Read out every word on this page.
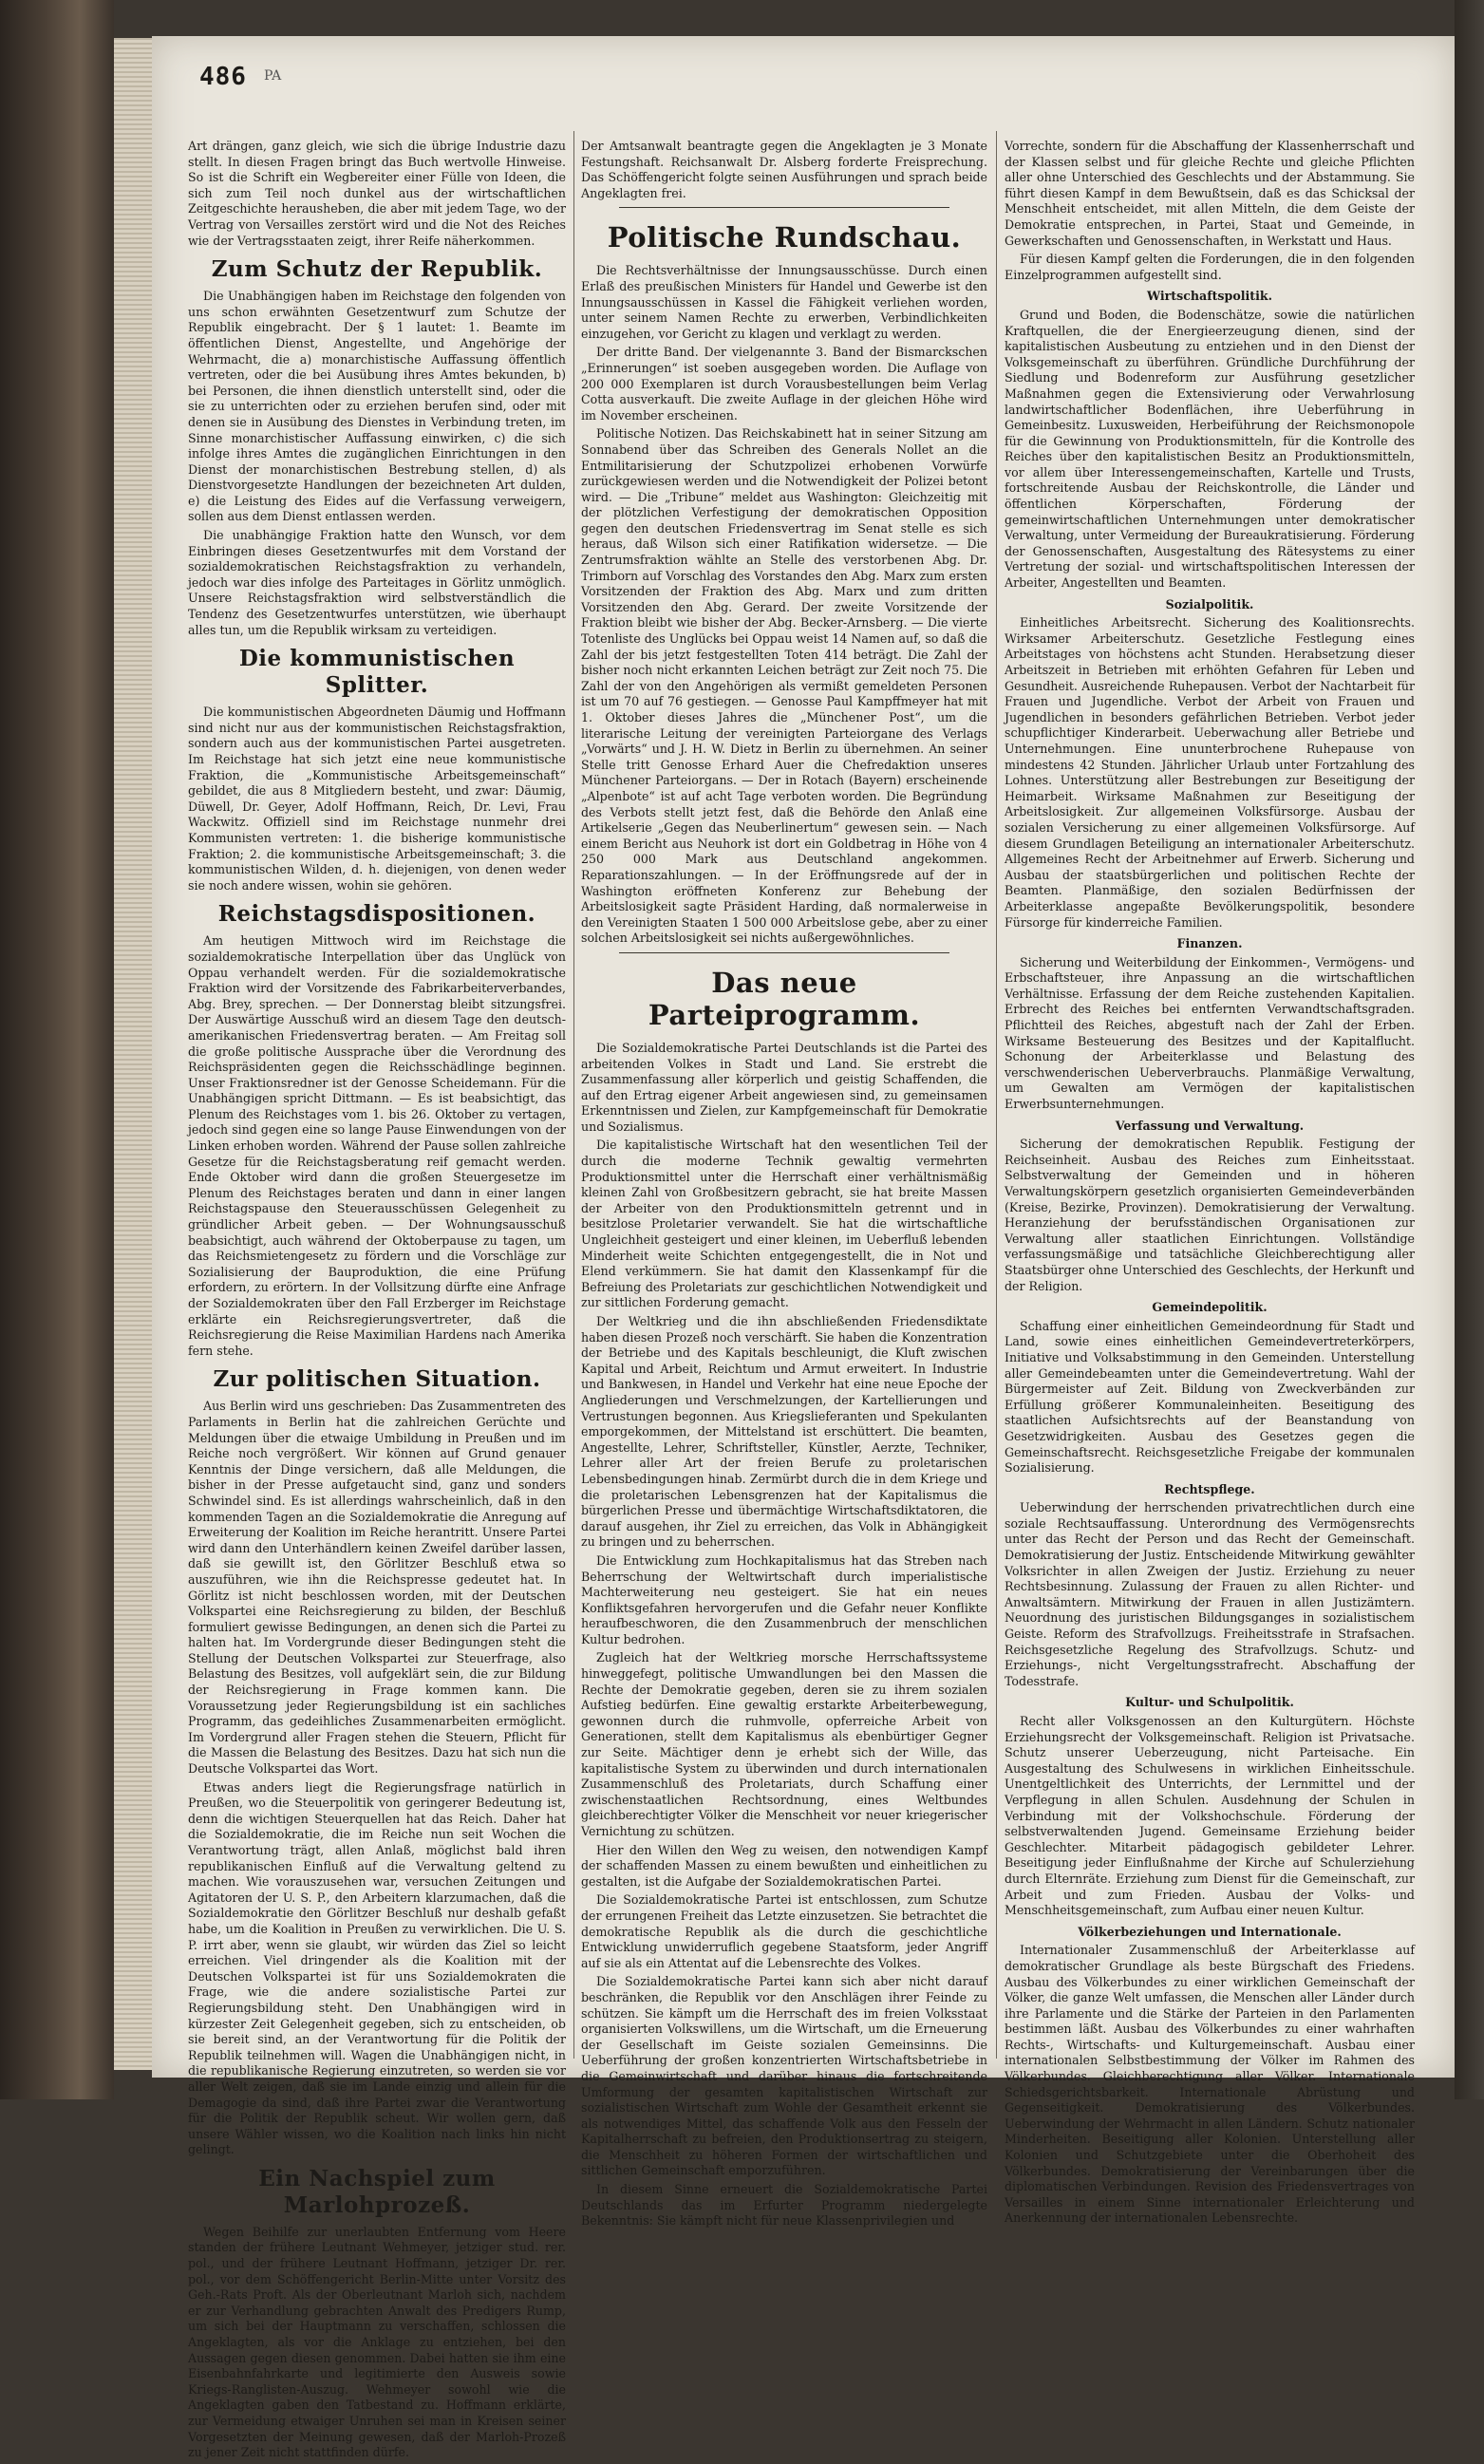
486 PA

Art drängen, ganz gleich, wie sich die übrige Industrie dazu stellt. In diesen Fragen bringt das Buch wertvolle Hinweise. So ist die Schrift ein Wegbereiter einer Fülle von Ideen, die sich zum Teil noch dunkel aus der wirtschaftlichen Zeitgeschichte herausheben, die aber mit jedem Tage, wo der Vertrag von Versailles zerstört wird und die Not des Reiches wie der Vertragsstaaten zeigt, ihrer Reife näherkommen.

Zum Schutz der Republik.

Die Unabhängigen haben im Reichstage den folgenden von uns schon erwähnten Gesetzentwurf zum Schutze der Republik eingebracht. Der § 1 lautet: 1. Beamte im öffentlichen Dienst, Angestellte, und Angehörige der Wehrmacht, die a) monarchistische Auffassung öffentlich vertreten, oder die bei Ausübung ihres Amtes bekunden, b) bei Personen, die ihnen dienstlich unterstellt sind, oder die sie zu unterrichten oder zu erziehen berufen sind, oder mit denen sie in Ausübung des Dienstes in Verbindung treten, im Sinne monarchistischer Auffassung einwirken, c) die sich infolge ihres Amtes die zugänglichen Einrichtungen in den Dienst der monarchistischen Bestrebung stellen, d) als Dienstvorgesetzte Handlungen der bezeichneten Art dulden, e) die Leistung des Eides auf die Verfassung verweigern, sollen aus dem Dienst entlassen werden.

Die unabhängige Fraktion hatte den Wunsch, vor dem Einbringen dieses Gesetzentwurfes mit dem Vorstand der sozialdemokratischen Reichstagsfraktion zu verhandeln, jedoch war dies infolge des Parteitages in Görlitz unmöglich. Unsere Reichstagsfraktion wird selbstverständlich die Tendenz des Gesetzentwurfes unterstützen, wie überhaupt alles tun, um die Republik wirksam zu verteidigen.

Die kommunistischen Splitter.

Die kommunistischen Abgeordneten Däumig und Hoffmann sind nicht nur aus der kommunistischen Reichstagsfraktion, sondern auch aus der kommunistischen Partei ausgetreten. Im Reichstage hat sich jetzt eine neue kommunistische Fraktion, die „Kommunistische Arbeitsgemeinschaft“ gebildet, die aus 8 Mitgliedern besteht, und zwar: Däumig, Düwell, Dr. Geyer, Adolf Hoffmann, Reich, Dr. Levi, Frau Wackwitz. Offiziell sind im Reichstage nunmehr drei Kommunisten vertreten: 1. die bisherige kommunistische Fraktion; 2. die kommunistische Arbeitsgemeinschaft; 3. die kommunistischen Wilden, d. h. diejenigen, von denen weder sie noch andere wissen, wohin sie gehören.

Reichstagsdispositionen.

Am heutigen Mittwoch wird im Reichstage die sozialdemokratische Interpellation über das Unglück von Oppau verhandelt werden. Für die sozialdemokratische Fraktion wird der Vorsitzende des Fabrikarbeiterverbandes, Abg. Brey, sprechen. — Der Donnerstag bleibt sitzungsfrei. Der Auswärtige Ausschuß wird an diesem Tage den deutsch-amerikanischen Friedensvertrag beraten. — Am Freitag soll die große politische Aussprache über die Verordnung des Reichspräsidenten gegen die Reichsschädlinge beginnen. Unser Fraktionsredner ist der Genosse Scheidemann. Für die Unabhängigen spricht Dittmann. — Es ist beabsichtigt, das Plenum des Reichstages vom 1. bis 26. Oktober zu vertagen, jedoch sind gegen eine so lange Pause Einwendungen von der Linken erhoben worden. Während der Pause sollen zahlreiche Gesetze für die Reichstagsberatung reif gemacht werden. Ende Oktober wird dann die großen Steuergesetze im Plenum des Reichstages beraten und dann in einer langen Reichstagspause den Steuerausschüssen Gelegenheit zu gründlicher Arbeit geben. — Der Wohnungsausschuß beabsichtigt, auch während der Oktoberpause zu tagen, um das Reichsmietengesetz zu fördern und die Vorschläge zur Sozialisierung der Bauproduktion, die eine Prüfung erfordern, zu erörtern. In der Vollsitzung dürfte eine Anfrage der Sozialdemokraten über den Fall Erzberger im Reichstage erklärte ein Reichsregierungsvertreter, daß die Reichsregierung die Reise Maximilian Hardens nach Amerika fern stehe.

Zur politischen Situation.

Aus Berlin wird uns geschrieben: Das Zusammentreten des Parlaments in Berlin hat die zahlreichen Gerüchte und Meldungen über die etwaige Umbildung in Preußen und im Reiche noch vergrößert. Wir können auf Grund genauer Kenntnis der Dinge versichern, daß alle Meldungen, die bisher in der Presse aufgetaucht sind, ganz und sonders Schwindel sind. Es ist allerdings wahrscheinlich, daß in den kommenden Tagen an die Sozialdemokratie die Anregung auf Erweiterung der Koalition im Reiche herantritt. Unsere Partei wird dann den Unterhändlern keinen Zweifel darüber lassen, daß sie gewillt ist, den Görlitzer Beschluß etwa so auszuführen, wie ihn die Reichspresse gedeutet hat. In Görlitz ist nicht beschlossen worden, mit der Deutschen Volkspartei eine Reichsregierung zu bilden, der Beschluß formuliert gewisse Bedingungen, an denen sich die Partei zu halten hat. Im Vordergrunde dieser Bedingungen steht die Stellung der Deutschen Volkspartei zur Steuerfrage, also Belastung des Besitzes, voll aufgeklärt sein, die zur Bildung der Reichsregierung in Frage kommen kann. Die Voraussetzung jeder Regierungsbildung ist ein sachliches Programm, das gedeihliches Zusammenarbeiten ermöglicht. Im Vordergrund aller Fragen stehen die Steuern, Pflicht für die Massen die Belastung des Besitzes. Dazu hat sich nun die Deutsche Volkspartei das Wort.

Etwas anders liegt die Regierungsfrage natürlich in Preußen, wo die Steuerpolitik von geringerer Bedeutung ist, denn die wichtigen Steuerquellen hat das Reich. Daher hat die Sozialdemokratie, die im Reiche nun seit Wochen die Verantwortung trägt, allen Anlaß, möglichst bald ihren republikanischen Einfluß auf die Verwaltung geltend zu machen. Wie vorauszusehen war, versuchen Zeitungen und Agitatoren der U. S. P., den Arbeitern klarzumachen, daß die Sozialdemokratie den Görlitzer Beschluß nur deshalb gefaßt habe, um die Koalition in Preußen zu verwirklichen. Die U. S. P. irrt aber, wenn sie glaubt, wir würden das Ziel so leicht erreichen. Viel dringender als die Koalition mit der Deutschen Volkspartei ist für uns Sozialdemokraten die Frage, wie die andere sozialistische Partei zur Regierungsbildung steht. Den Unabhängigen wird in kürzester Zeit Gelegenheit gegeben, sich zu entscheiden, ob sie bereit sind, an der Verantwortung für die Politik der Republik teilnehmen will. Wagen die Unabhängigen nicht, in die republikanische Regierung einzutreten, so werden sie vor aller Welt zeigen, daß sie im Lande einzig und allein für die Demagogie da sind, daß ihre Partei zwar die Verantwortung für die Politik der Republik scheut. Wir wollen gern, daß unsere Wähler wissen, wo die Koalition nach links hin nicht gelingt.

Ein Nachspiel zum Marlohprozeß.

Wegen Beihilfe zur unerlaubten Entfernung vom Heere standen der frühere Leutnant Wehmeyer, jetziger stud. rer. pol., und der frühere Leutnant Hoffmann, jetziger Dr. rer. pol., vor dem Schöffengericht Berlin-Mitte unter Vorsitz des Geh.-Rats Proft. Als der Oberleutnant Marloh sich, nachdem er zur Verhandlung gebrachten Anwalt des Predigers Rump, um sich bei der Hauptmann zu verschaffen, schlossen die Angeklagten, als vor die Anklage zu entziehen, bei den Aussagen gegen diesen genommen. Dabei hatten sie ihm eine Eisenbahnfahrkarte und legitimierte den Ausweis sowie Kriegs-Ranglisten-Auszug. Wehmeyer sowohl wie die Angeklagten gaben den Tatbestand zu. Hoffmann erklärte, zur Vermeidung etwaiger Unruhen sei man in Kreisen seiner Vorgesetzten der Meinung gewesen, daß der Marloh-Prozeß zu jener Zeit nicht stattfinden dürfe.

Der Amtsanwalt beantragte gegen die Angeklagten je 3 Monate Festungshaft. Reichsanwalt Dr. Alsberg forderte Freisprechung. Das Schöffengericht folgte seinen Ausführungen und sprach beide Angeklagten frei.

Politische Rundschau.

Die Rechtsverhältnisse der Innungsausschüsse. Durch einen Erlaß des preußischen Ministers für Handel und Gewerbe ist den Innungsausschüssen in Kassel die Fähigkeit verliehen worden, unter seinem Namen Rechte zu erwerben, Verbindlichkeiten einzugehen, vor Gericht zu klagen und verklagt zu werden.

Der dritte Band. Der vielgenannte 3. Band der Bismarckschen „Erinnerungen“ ist soeben ausgegeben worden. Die Auflage von 200 000 Exemplaren ist durch Vorausbestellungen beim Verlag Cotta ausverkauft. Die zweite Auflage in der gleichen Höhe wird im November erscheinen.

Politische Notizen. Das Reichskabinett hat in seiner Sitzung am Sonnabend über das Schreiben des Generals Nollet an die Entmilitarisierung der Schutzpolizei erhobenen Vorwürfe zurückgewiesen werden und die Notwendigkeit der Polizei betont wird. — Die „Tribune“ meldet aus Washington: Gleichzeitig mit der plötzlichen Verfestigung der demokratischen Opposition gegen den deutschen Friedensvertrag im Senat stelle es sich heraus, daß Wilson sich einer Ratifikation widersetze. — Die Zentrumsfraktion wählte an Stelle des verstorbenen Abg. Dr. Trimborn auf Vorschlag des Vorstandes den Abg. Marx zum ersten Vorsitzenden der Fraktion des Abg. Marx und zum dritten Vorsitzenden den Abg. Gerard. Der zweite Vorsitzende der Fraktion bleibt wie bisher der Abg. Becker-Arnsberg. — Die vierte Totenliste des Unglücks bei Oppau weist 14 Namen auf, so daß die Zahl der bis jetzt festgestellten Toten 414 beträgt. Die Zahl der bisher noch nicht erkannten Leichen beträgt zur Zeit noch 75. Die Zahl der von den Angehörigen als vermißt gemeldeten Personen ist um 70 auf 76 gestiegen. — Genosse Paul Kampffmeyer hat mit 1. Oktober dieses Jahres die „Münchener Post“, um die literarische Leitung der vereinigten Parteiorgane des Verlags „Vorwärts“ und J. H. W. Dietz in Berlin zu übernehmen. An seiner Stelle tritt Genosse Erhard Auer die Chefredaktion unseres Münchener Parteiorgans. — Der in Rotach (Bayern) erscheinende „Alpenbote“ ist auf acht Tage verboten worden. Die Begründung des Verbots stellt jetzt fest, daß die Behörde den Anlaß eine Artikelserie „Gegen das Neuberlinertum“ gewesen sein. — Nach einem Bericht aus Neuhork ist dort ein Goldbetrag in Höhe von 4 250 000 Mark aus Deutschland angekommen. Reparationszahlungen. — In der Eröffnungsrede auf der in Washington eröffneten Konferenz zur Behebung der Arbeitslosigkeit sagte Präsident Harding, daß normalerweise in den Vereinigten Staaten 1 500 000 Arbeitslose gebe, aber zu einer solchen Arbeitslosigkeit sei nichts außergewöhnliches.

Das neue Parteiprogramm.

Die Sozialdemokratische Partei Deutschlands ist die Partei des arbeitenden Volkes in Stadt und Land. Sie erstrebt die Zusammenfassung aller körperlich und geistig Schaffenden, die auf den Ertrag eigener Arbeit angewiesen sind, zu gemeinsamen Erkenntnissen und Zielen, zur Kampfgemeinschaft für Demokratie und Sozialismus.

Die kapitalistische Wirtschaft hat den wesentlichen Teil der durch die moderne Technik gewaltig vermehrten Produktionsmittel unter die Herrschaft einer verhältnismäßig kleinen Zahl von Großbesitzern gebracht, sie hat breite Massen der Arbeiter von den Produktionsmitteln getrennt und in besitzlose Proletarier verwandelt. Sie hat die wirtschaftliche Ungleichheit gesteigert und einer kleinen, im Ueberfluß lebenden Minderheit weite Schichten entgegengestellt, die in Not und Elend verkümmern. Sie hat damit den Klassenkampf für die Befreiung des Proletariats zur geschichtlichen Notwendigkeit und zur sittlichen Forderung gemacht.

Der Weltkrieg und die ihn abschließenden Friedensdiktate haben diesen Prozeß noch verschärft. Sie haben die Konzentration der Betriebe und des Kapitals beschleunigt, die Kluft zwischen Kapital und Arbeit, Reichtum und Armut erweitert. In Industrie und Bankwesen, in Handel und Verkehr hat eine neue Epoche der Angliederungen und Verschmelzungen, der Kartellierungen und Vertrustungen begonnen. Aus Kriegslieferanten und Spekulanten emporgekommen, der Mittelstand ist erschüttert. Die beamten, Angestellte, Lehrer, Schriftsteller, Künstler, Aerzte, Techniker, Lehrer aller Art der freien Berufe zu proletarischen Lebensbedingungen hinab. Zermürbt durch die in dem Kriege und die proletarischen Lebensgrenzen hat der Kapitalismus die bürgerlichen Presse und übermächtige Wirtschaftsdiktatoren, die darauf ausgehen, ihr Ziel zu erreichen, das Volk in Abhängigkeit zu bringen und zu beherrschen.

Die Entwicklung zum Hochkapitalismus hat das Streben nach Beherrschung der Weltwirtschaft durch imperialistische Machterweiterung neu gesteigert. Sie hat ein neues Konfliktsgefahren hervorgerufen und die Gefahr neuer Konflikte heraufbeschworen, die den Zusammenbruch der menschlichen Kultur bedrohen.

Zugleich hat der Weltkrieg morsche Herrschaftssysteme hinweggefegt, politische Umwandlungen bei den Massen die Rechte der Demokratie gegeben, deren sie zu ihrem sozialen Aufstieg bedürfen. Eine gewaltig erstarkte Arbeiterbewegung, gewonnen durch die ruhmvolle, opferreiche Arbeit von Generationen, stellt dem Kapitalismus als ebenbürtiger Gegner zur Seite. Mächtiger denn je erhebt sich der Wille, das kapitalistische System zu überwinden und durch internationalen Zusammenschluß des Proletariats, durch Schaffung einer zwischenstaatlichen Rechtsordnung, eines Weltbundes gleichberechtigter Völker die Menschheit vor neuer kriegerischer Vernichtung zu schützen.

Hier den Willen den Weg zu weisen, den notwendigen Kampf der schaffenden Massen zu einem bewußten und einheitlichen zu gestalten, ist die Aufgabe der Sozialdemokratischen Partei.

Die Sozialdemokratische Partei ist entschlossen, zum Schutze der errungenen Freiheit das Letzte einzusetzen. Sie betrachtet die demokratische Republik als die durch die geschichtliche Entwicklung unwiderruflich gegebene Staatsform, jeder Angriff auf sie als ein Attentat auf die Lebensrechte des Volkes.

Die Sozialdemokratische Partei kann sich aber nicht darauf beschränken, die Republik vor den Anschlägen ihrer Feinde zu schützen. Sie kämpft um die Herrschaft des im freien Volksstaat organisierten Volkswillens, um die Wirtschaft, um die Erneuerung der Gesellschaft im Geiste sozialen Gemeinsinns. Die Ueberführung der großen konzentrierten Wirtschaftsbetriebe in die Gemeinwirtschaft und darüber hinaus die fortschreitende Umformung der gesamten kapitalistischen Wirtschaft zur sozialistischen Wirtschaft zum Wohle der Gesamtheit erkennt sie als notwendiges Mittel, das schaffende Volk aus den Fesseln der Kapitalherrschaft zu befreien, den Produktionsertrag zu steigern, die Menschheit zu höheren Formen der wirtschaftlichen und sittlichen Gemeinschaft emporzuführen.

In diesem Sinne erneuert die Sozialdemokratische Partei Deutschlands das im Erfurter Programm niedergelegte Bekenntnis: Sie kämpft nicht für neue Klassenprivilegien und

Vorrechte, sondern für die Abschaffung der Klassenherrschaft und der Klassen selbst und für gleiche Rechte und gleiche Pflichten aller ohne Unterschied des Geschlechts und der Abstammung. Sie führt diesen Kampf in dem Bewußtsein, daß es das Schicksal der Menschheit entscheidet, mit allen Mitteln, die dem Geiste der Demokratie entsprechen, in Partei, Staat und Gemeinde, in Gewerkschaften und Genossenschaften, in Werkstatt und Haus.

Für diesen Kampf gelten die Forderungen, die in den folgenden Einzelprogrammen aufgestellt sind.

Wirtschaftspolitik.

Grund und Boden, die Bodenschätze, sowie die natürlichen Kraftquellen, die der Energieerzeugung dienen, sind der kapitalistischen Ausbeutung zu entziehen und in den Dienst der Volksgemeinschaft zu überführen. Gründliche Durchführung der Siedlung und Bodenreform zur Ausführung gesetzlicher Maßnahmen gegen die Extensivierung oder Verwahrlosung landwirtschaftlicher Bodenflächen, ihre Ueberführung in Gemeinbesitz. Luxusweiden, Herbeiführung der Reichsmonopole für die Gewinnung von Produktionsmitteln, für die Kontrolle des Reiches über den kapitalistischen Besitz an Produktionsmitteln, vor allem über Interessengemeinschaften, Kartelle und Trusts, fortschreitende Ausbau der Reichskontrolle, die Länder und öffentlichen Körperschaften, Förderung der gemeinwirtschaftlichen Unternehmungen unter demokratischer Verwaltung, unter Vermeidung der Bureaukratisierung. Förderung der Genossenschaften, Ausgestaltung des Rätesystems zu einer Vertretung der sozial- und wirtschaftspolitischen Interessen der Arbeiter, Angestellten und Beamten.

Sozialpolitik.

Einheitliches Arbeitsrecht. Sicherung des Koalitionsrechts. Wirksamer Arbeiterschutz. Gesetzliche Festlegung eines Arbeitstages von höchstens acht Stunden. Herabsetzung dieser Arbeitszeit in Betrieben mit erhöhten Gefahren für Leben und Gesundheit. Ausreichende Ruhepausen. Verbot der Nachtarbeit für Frauen und Jugendliche. Verbot der Arbeit von Frauen und Jugendlichen in besonders gefährlichen Betrieben. Verbot jeder schupflichtiger Kinderarbeit. Ueberwachung aller Betriebe und Unternehmungen. Eine ununterbrochene Ruhepause von mindestens 42 Stunden. Jährlicher Urlaub unter Fortzahlung des Lohnes. Unterstützung aller Bestrebungen zur Beseitigung der Heimarbeit. Wirksame Maßnahmen zur Beseitigung der Arbeitslosigkeit. Zur allgemeinen Volksfürsorge. Ausbau der sozialen Versicherung zu einer allgemeinen Volksfürsorge. Auf diesem Grundlagen Beteiligung an internationaler Arbeiterschutz. Allgemeines Recht der Arbeitnehmer auf Erwerb. Sicherung und Ausbau der staatsbürgerlichen und politischen Rechte der Beamten. Planmäßige, den sozialen Bedürfnissen der Arbeiterklasse angepaßte Bevölkerungspolitik, besondere Fürsorge für kinderreiche Familien.

Finanzen.

Sicherung und Weiterbildung der Einkommen-, Vermögens- und Erbschaftsteuer, ihre Anpassung an die wirtschaftlichen Verhältnisse. Erfassung der dem Reiche zustehenden Kapitalien. Erbrecht des Reiches bei entfernten Verwandtschaftsgraden. Pflichtteil des Reiches, abgestuft nach der Zahl der Erben. Wirksame Besteuerung des Besitzes und der Kapitalflucht. Schonung der Arbeiterklasse und Belastung des verschwenderischen Ueberverbrauchs. Planmäßige Verwaltung, um Gewalten am Vermögen der kapitalistischen Erwerbsunternehmungen.

Verfassung und Verwaltung.

Sicherung der demokratischen Republik. Festigung der Reichseinheit. Ausbau des Reiches zum Einheitsstaat. Selbstverwaltung der Gemeinden und in höheren Verwaltungskörpern gesetzlich organisierten Gemeindeverbänden (Kreise, Bezirke, Provinzen). Demokratisierung der Verwaltung. Heranziehung der berufsständischen Organisationen zur Verwaltung aller staatlichen Einrichtungen. Vollständige verfassungsmäßige und tatsächliche Gleichberechtigung aller Staatsbürger ohne Unterschied des Geschlechts, der Herkunft und der Religion.

Gemeindepolitik.

Schaffung einer einheitlichen Gemeindeordnung für Stadt und Land, sowie eines einheitlichen Gemeindevertreterkörpers, Initiative und Volksabstimmung in den Gemeinden. Unterstellung aller Gemeindebeamten unter die Gemeindevertretung. Wahl der Bürgermeister auf Zeit. Bildung von Zweckverbänden zur Erfüllung größerer Kommunaleinheiten. Beseitigung des staatlichen Aufsichtsrechts auf der Beanstandung von Gesetzwidrigkeiten. Ausbau des Gesetzes gegen die Gemeinschaftsrecht. Reichsgesetzliche Freigabe der kommunalen Sozialisierung.

Rechtspflege.

Ueberwindung der herrschenden privatrechtlichen durch eine soziale Rechtsauffassung. Unterordnung des Vermögensrechts unter das Recht der Person und das Recht der Gemeinschaft. Demokratisierung der Justiz. Entscheidende Mitwirkung gewählter Volksrichter in allen Zweigen der Justiz. Erziehung zu neuer Rechtsbesinnung. Zulassung der Frauen zu allen Richter- und Anwaltsämtern. Mitwirkung der Frauen in allen Justizämtern. Neuordnung des juristischen Bildungsganges in sozialistischem Geiste. Reform des Strafvollzugs. Freiheitsstrafe in Strafsachen. Reichsgesetzliche Regelung des Strafvollzugs. Schutz- und Erziehungs-, nicht Vergeltungsstrafrecht. Abschaffung der Todesstrafe.

Kultur- und Schulpolitik.

Recht aller Volksgenossen an den Kulturgütern. Höchste Erziehungsrecht der Volksgemeinschaft. Religion ist Privatsache. Schutz unserer Ueberzeugung, nicht Parteisache. Ein Ausgestaltung des Schulwesens in wirklichen Einheitsschule. Unentgeltlichkeit des Unterrichts, der Lernmittel und der Verpflegung in allen Schulen. Ausdehnung der Schulen in Verbindung mit der Volkshochschule. Förderung der selbstverwaltenden Jugend. Gemeinsame Erziehung beider Geschlechter. Mitarbeit pädagogisch gebildeter Lehrer. Beseitigung jeder Einflußnahme der Kirche auf Schulerziehung durch Elternräte. Erziehung zum Dienst für die Gemeinschaft, zur Arbeit und zum Frieden. Ausbau der Volks- und Menschheitsgemeinschaft, zum Aufbau einer neuen Kultur.

Völkerbeziehungen und Internationale.

Internationaler Zusammenschluß der Arbeiterklasse auf demokratischer Grundlage als beste Bürgschaft des Friedens. Ausbau des Völkerbundes zu einer wirklichen Gemeinschaft der Völker, die ganze Welt umfassen, die Menschen aller Länder durch ihre Parlamente und die Stärke der Parteien in den Parlamenten bestimmen läßt. Ausbau des Völkerbundes zu einer wahrhaften Rechts-, Wirtschafts- und Kulturgemeinschaft. Ausbau einer internationalen Selbstbestimmung der Völker im Rahmen des Völkerbundes. Gleichberechtigung aller Völker. Internationale Schiedsgerichtsbarkeit. Internationale Abrüstung und Gegenseitigkeit. Demokratisierung des Völkerbundes. Ueberwindung der Wehrmacht in allen Ländern. Schutz nationaler Minderheiten. Beseitigung aller Kolonien. Unterstellung aller Kolonien und Schutzgebiete unter die Oberhoheit des Völkerbundes. Demokratisierung der Vereinbarungen über die diplomatischen Verbindungen. Revision des Friedensvertrages von Versailles in einem Sinne internationaler Erleichterung und Anerkennung der internationalen Lebensrechte.
